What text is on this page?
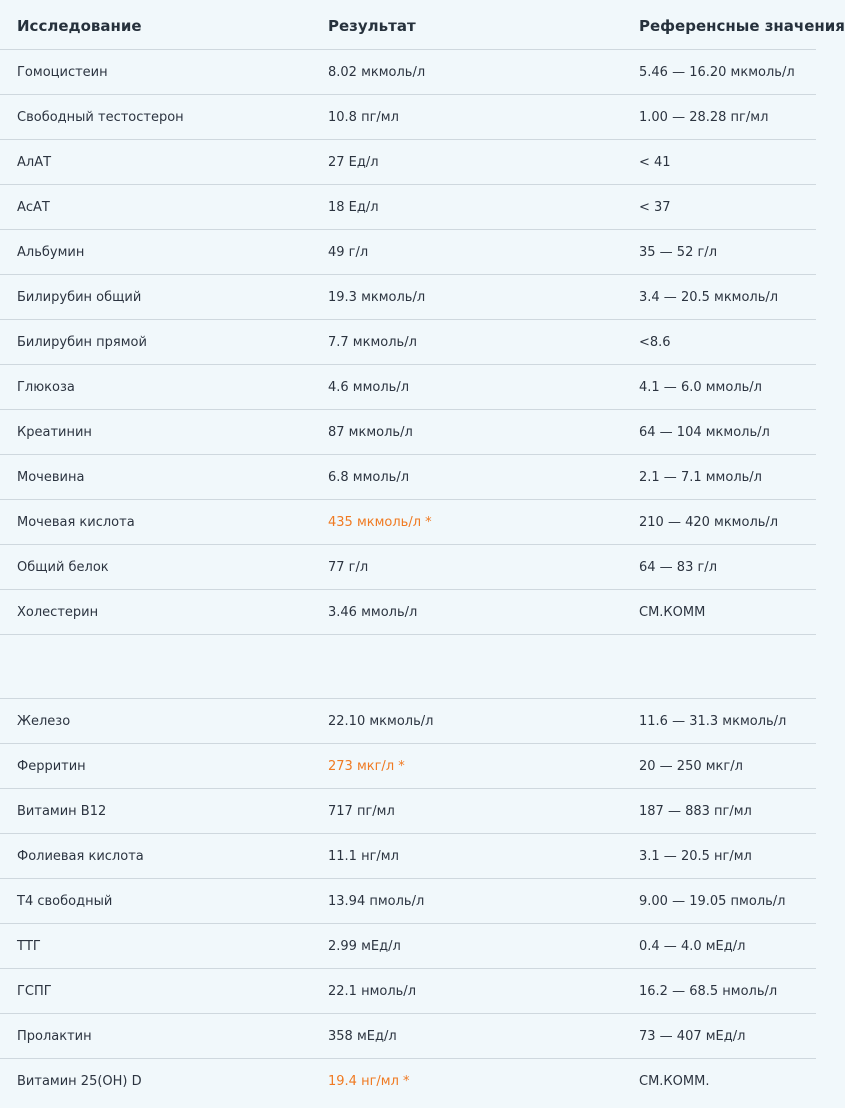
Исследование	Результат	Референсные значения
Гомоцистеин	8.02 мкмоль/л	5.46 — 16.20 мкмоль/л
Свободный тестостерон	10.8 пг/мл	1.00 — 28.28 пг/мл
АлАТ	27 Ед/л	< 41
АсАТ	18 Ед/л	< 37
Альбумин	49 г/л	35 — 52 г/л
Билирубин общий	19.3 мкмоль/л	3.4 — 20.5 мкмоль/л
Билирубин прямой	7.7 мкмоль/л	<8.6
Глюкоза	4.6 ммоль/л	4.1 — 6.0 ммоль/л
Креатинин	87 мкмоль/л	64 — 104 мкмоль/л
Мочевина	6.8 ммоль/л	2.1 — 7.1 ммоль/л
Мочевая кислота	435 мкмоль/л *	210 — 420 мкмоль/л
Общий белок	77 г/л	64 — 83 г/л
Холестерин	3.46 ммоль/л	СМ.КОММ
Железо	22.10 мкмоль/л	11.6 — 31.3 мкмоль/л
Ферритин	273 мкг/л *	20 — 250 мкг/л
Витамин B12	717 пг/мл	187 — 883 пг/мл
Фолиевая кислота	11.1 нг/мл	3.1 — 20.5 нг/мл
Т4 свободный	13.94 пмоль/л	9.00 — 19.05 пмоль/л
ТТГ	2.99 мЕд/л	0.4 — 4.0 мЕд/л
ГСПГ	22.1 нмоль/л	16.2 — 68.5 нмоль/л
Пролактин	358 мЕд/л	73 — 407 мЕд/л
Витамин 25(OH) D	19.4 нг/мл *	СМ.КОММ.
